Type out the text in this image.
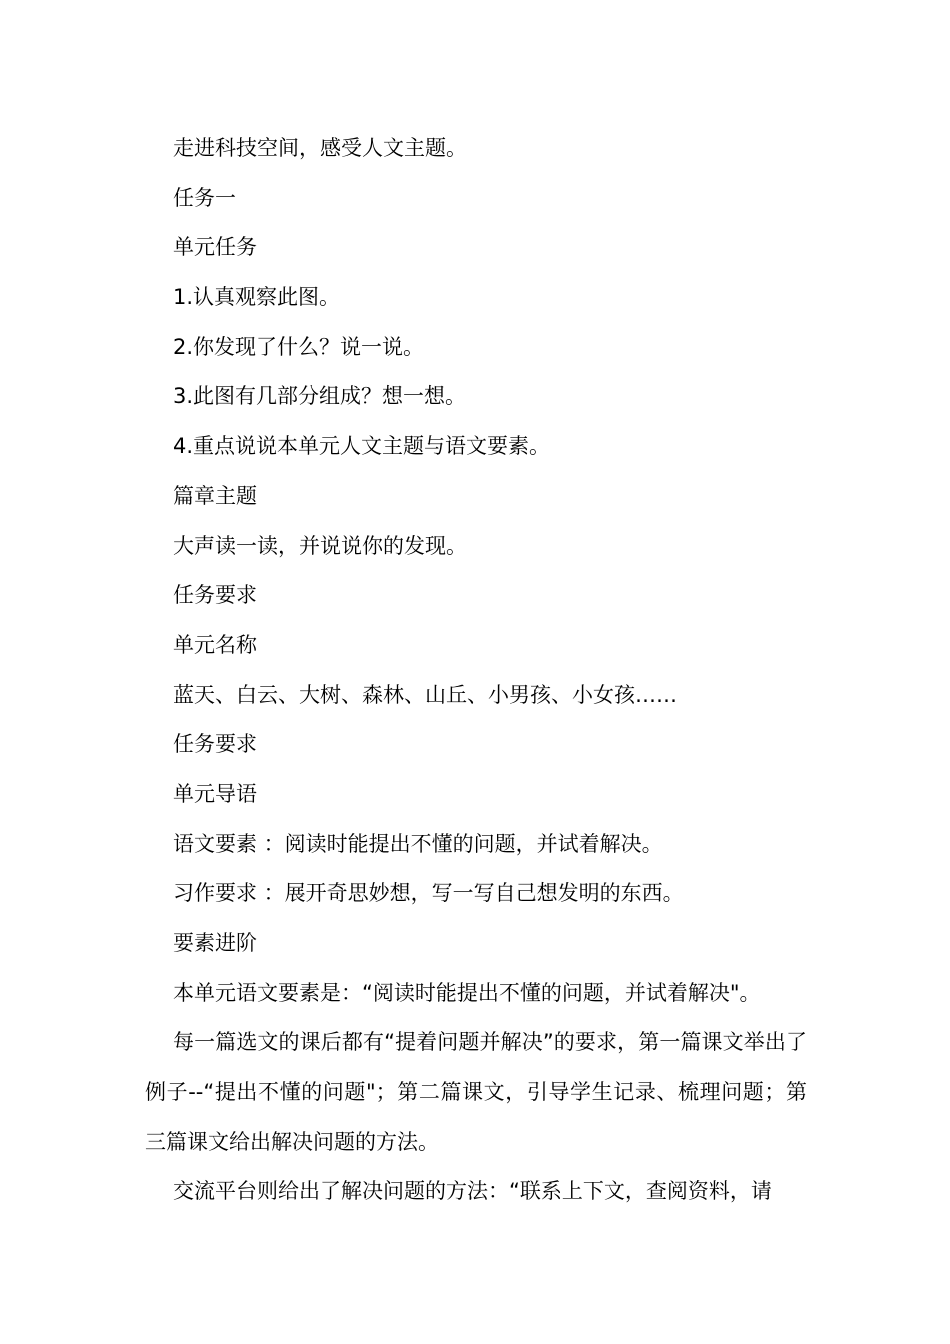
走进科技空间，感受人文主题。

任务一

单元任务

1.认真观察此图。

2.你发现了什么？说一说。

3.此图有几部分组成？想一想。

4.重点说说本单元人文主题与语文要素。

篇章主题

大声读一读，并说说你的发现。

任务要求

单元名称

蓝天、白云、大树、森林、山丘、小男孩、小女孩……

任务要求

单元导语

语文要素 ：阅读时能提出不懂的问题，并试着解决。

习作要求 ：展开奇思妙想，写一写自己想发明的东西。

要素进阶

本单元语文要素是：“阅读时能提出不懂的问题，并试着解决"。

每一篇选文的课后都有“提着问题并解决”的要求，第一篇课文举出了例子--“提出不懂的问题"；第二篇课文，引导学生记录、梳理问题；第三篇课文给出解决问题的方法。

交流平台则给出了解决问题的方法：“联系上下文，查阅资料，请
